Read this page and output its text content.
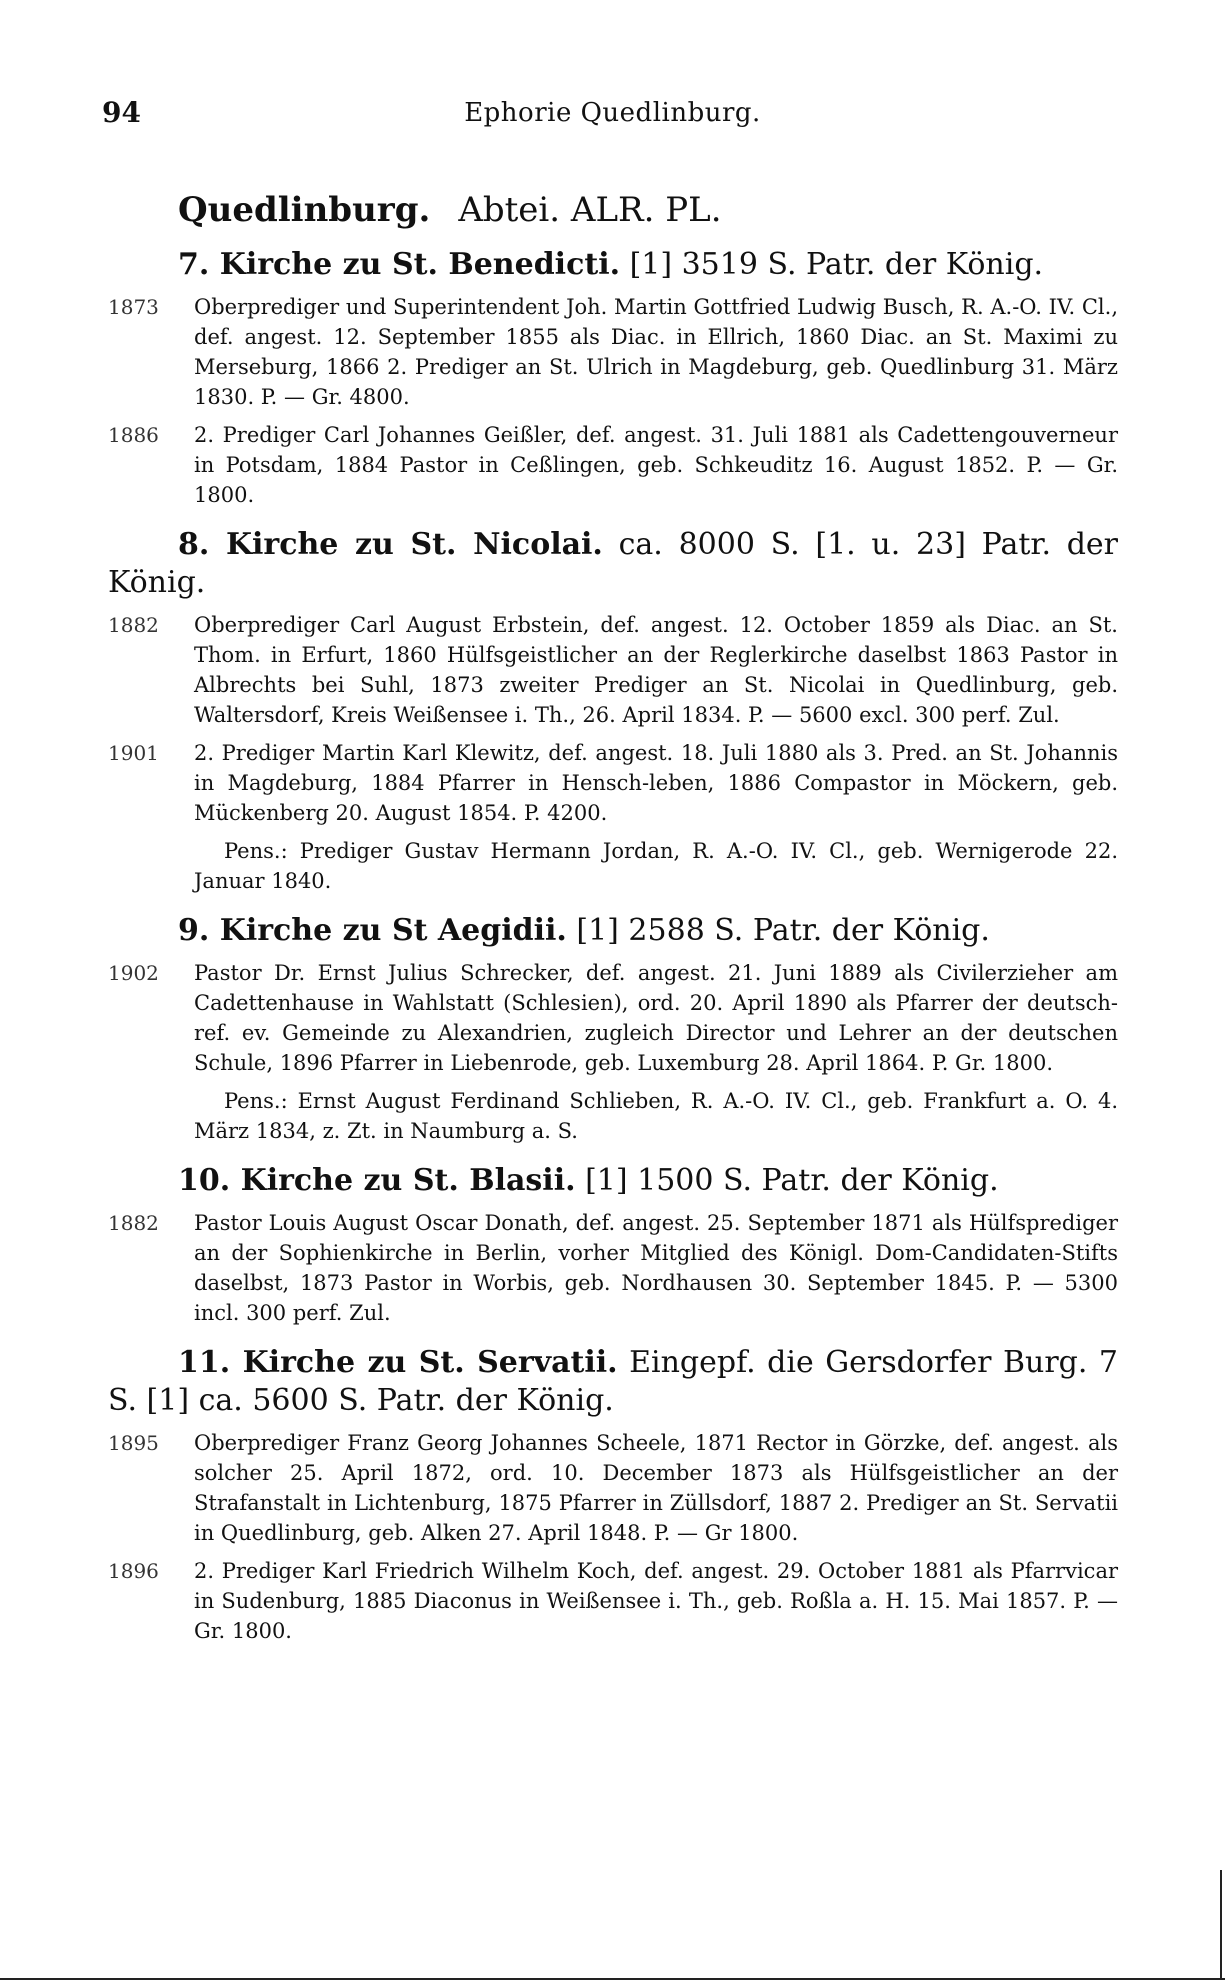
94	Ephorie Quedlinburg.
Quedlinburg. Abtei. ALR. PL.
7. Kirche zu St. Benedicti. [1] 3519 S. Patr. der König.
1873 Oberprediger und Superintendent Joh. Martin Gottfried Ludwig Busch, R. A.-O. IV. Cl., def. angest. 12. September 1855 als Diac. in Ellrich, 1860 Diac. an St. Maximi zu Merseburg, 1866 2. Prediger an St. Ulrich in Magdeburg, geb. Quedlinburg 31. März 1830. P. — Gr. 4800.
1886 2. Prediger Carl Johannes Geißler, def. angest. 31. Juli 1881 als Cadettengouverneur in Potsdam, 1884 Pastor in Ceßlingen, geb. Schkeuditz 16. August 1852. P. — Gr. 1800.
8. Kirche zu St. Nicolai. ca. 8000 S. [1. u. 23] Patr. der König.
1882 Oberprediger Carl August Erbstein, def. angest. 12. October 1859 als Diac. an St. Thom. in Erfurt, 1860 Hülfsgeistlicher an der Reglerkirche daselbst 1863 Pastor in Albrechts bei Suhl, 1873 zweiter Prediger an St. Nicolai in Quedlinburg, geb. Waltersdorf, Kreis Weißensee i. Th., 26. April 1834. P. — 5600 excl. 300 perf. Zul.
1901 2. Prediger Martin Karl Klewitz, def. angest. 18. Juli 1880 als 3. Pred. an St. Johannis in Magdeburg, 1884 Pfarrer in Hensch-leben, 1886 Compastor in Möckern, geb. Mückenberg 20. August 1854. P. 4200.
Pens.: Prediger Gustav Hermann Jordan, R. A.-O. IV. Cl., geb. Wernigerode 22. Januar 1840.
9. Kirche zu St Aegidii. [1] 2588 S. Patr. der König.
1902 Pastor Dr. Ernst Julius Schrecker, def. angest. 21. Juni 1889 als Civilerzieher am Cadettenhause in Wahlstatt (Schlesien), ord. 20. April 1890 als Pfarrer der deutsch-ref. ev. Gemeinde zu Alexandrien, zugleich Director und Lehrer an der deutschen Schule, 1896 Pfarrer in Liebenrode, geb. Luxemburg 28. April 1864. P. Gr. 1800.
Pens.: Ernst August Ferdinand Schlieben, R. A.-O. IV. Cl., geb. Frankfurt a. O. 4. März 1834, z. Zt. in Naumburg a. S.
10. Kirche zu St. Blasii. [1] 1500 S. Patr. der König.
1882 Pastor Louis August Oscar Donath, def. angest. 25. September 1871 als Hülfsprediger an der Sophienkirche in Berlin, vorher Mitglied des Königl. Dom-Candidaten-Stifts daselbst, 1873 Pastor in Worbis, geb. Nordhausen 30. September 1845. P. — 5300 incl. 300 perf. Zul.
11. Kirche zu St. Servatii. Eingepf. die Gersdorfer Burg. 7 S. [1] ca. 5600 S. Patr. der König.
1895 Oberprediger Franz Georg Johannes Scheele, 1871 Rector in Görzke, def. angest. als solcher 25. April 1872, ord. 10. December 1873 als Hülfsgeistlicher an der Strafanstalt in Lichtenburg, 1875 Pfarrer in Züllsdorf, 1887 2. Prediger an St. Servatii in Quedlinburg, geb. Alken 27. April 1848. P. — Gr 1800.
1896 2. Prediger Karl Friedrich Wilhelm Koch, def. angest. 29. October 1881 als Pfarrvicar in Sudenburg, 1885 Diaconus in Weißensee i. Th., geb. Roßla a. H. 15. Mai 1857. P. — Gr. 1800.
